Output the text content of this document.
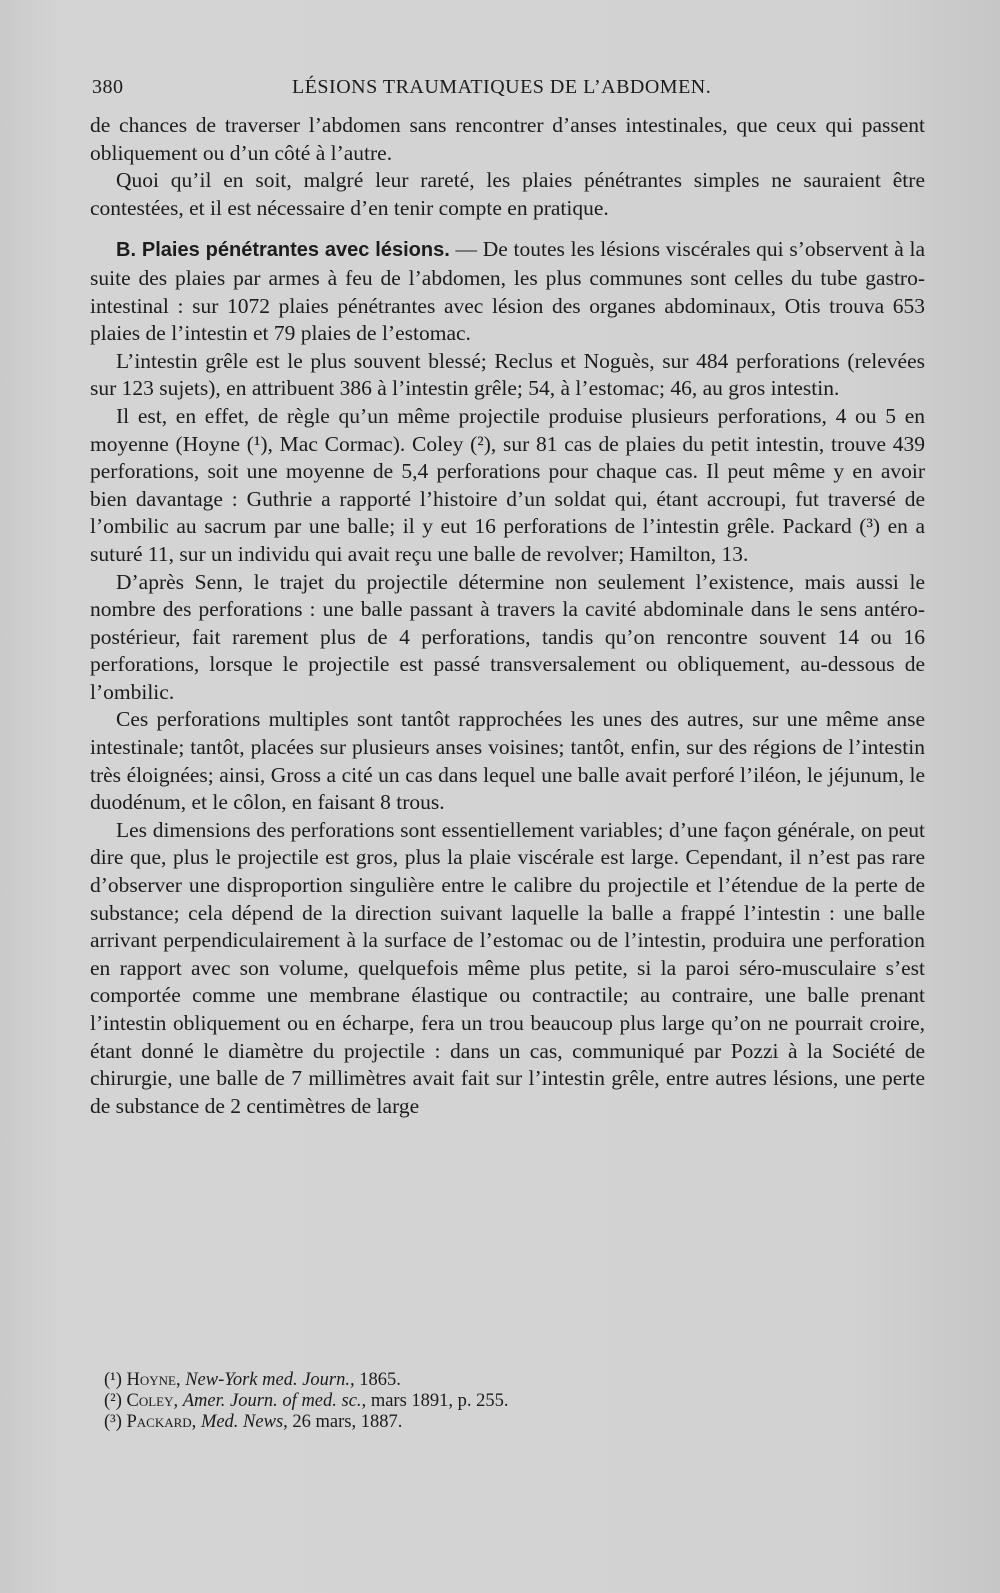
380	LÉSIONS TRAUMATIQUES DE L’ABDOMEN.

de chances de traverser l’abdomen sans rencontrer d’anses intestinales, que ceux qui passent obliquement ou d’un côté à l’autre.

Quoi qu’il en soit, malgré leur rareté, les plaies pénétrantes simples ne sauraient être contestées, et il est nécessaire d’en tenir compte en pratique.

B. Plaies pénétrantes avec lésions. — De toutes les lésions viscérales qui s’observent à la suite des plaies par armes à feu de l’abdomen, les plus communes sont celles du tube gastro-intestinal : sur 1072 plaies pénétrantes avec lésion des organes abdominaux, Otis trouva 653 plaies de l’intestin et 79 plaies de l’estomac.

L’intestin grêle est le plus souvent blessé; Reclus et Noguès, sur 484 perforations (relevées sur 123 sujets), en attribuent 386 à l’intestin grêle; 54, à l’estomac; 46, au gros intestin.

Il est, en effet, de règle qu’un même projectile produise plusieurs perforations, 4 ou 5 en moyenne (Hoyne (¹), Mac Cormac). Coley (²), sur 81 cas de plaies du petit intestin, trouve 439 perforations, soit une moyenne de 5,4 perforations pour chaque cas. Il peut même y en avoir bien davantage : Guthrie a rapporté l’histoire d’un soldat qui, étant accroupi, fut traversé de l’ombilic au sacrum par une balle; il y eut 16 perforations de l’intestin grêle. Packard (³) en a suturé 11, sur un individu qui avait reçu une balle de revolver; Hamilton, 13.

D’après Senn, le trajet du projectile détermine non seulement l’existence, mais aussi le nombre des perforations : une balle passant à travers la cavité abdominale dans le sens antéro-postérieur, fait rarement plus de 4 perforations, tandis qu’on rencontre souvent 14 ou 16 perforations, lorsque le projectile est passé transversalement ou obliquement, au-dessous de l’ombilic.

Ces perforations multiples sont tantôt rapprochées les unes des autres, sur une même anse intestinale; tantôt, placées sur plusieurs anses voisines; tantôt, enfin, sur des régions de l’intestin très éloignées; ainsi, Gross a cité un cas dans lequel une balle avait perforé l’iléon, le jéjunum, le duodénum, et le côlon, en faisant 8 trous.

Les dimensions des perforations sont essentiellement variables; d’une façon générale, on peut dire que, plus le projectile est gros, plus la plaie viscérale est large. Cependant, il n’est pas rare d’observer une disproportion singulière entre le calibre du projectile et l’étendue de la perte de substance; cela dépend de la direction suivant laquelle la balle a frappé l’intestin : une balle arrivant perpendiculairement à la surface de l’estomac ou de l’intestin, produira une perforation en rapport avec son volume, quelquefois même plus petite, si la paroi séro-musculaire s’est comportée comme une membrane élastique ou contractile; au contraire, une balle prenant l’intestin obliquement ou en écharpe, fera un trou beaucoup plus large qu’on ne pourrait croire, étant donné le diamètre du projectile : dans un cas, communiqué par Pozzi à la Société de chirurgie, une balle de 7 millimètres avait fait sur l’intestin grêle, entre autres lésions, une perte de substance de 2 centimètres de large

(¹) Hoyne, New-York med. Journ., 1865.
(²) Coley, Amer. Journ. of med. sc., mars 1891, p. 255.
(³) Packard, Med. News, 26 mars, 1887.
